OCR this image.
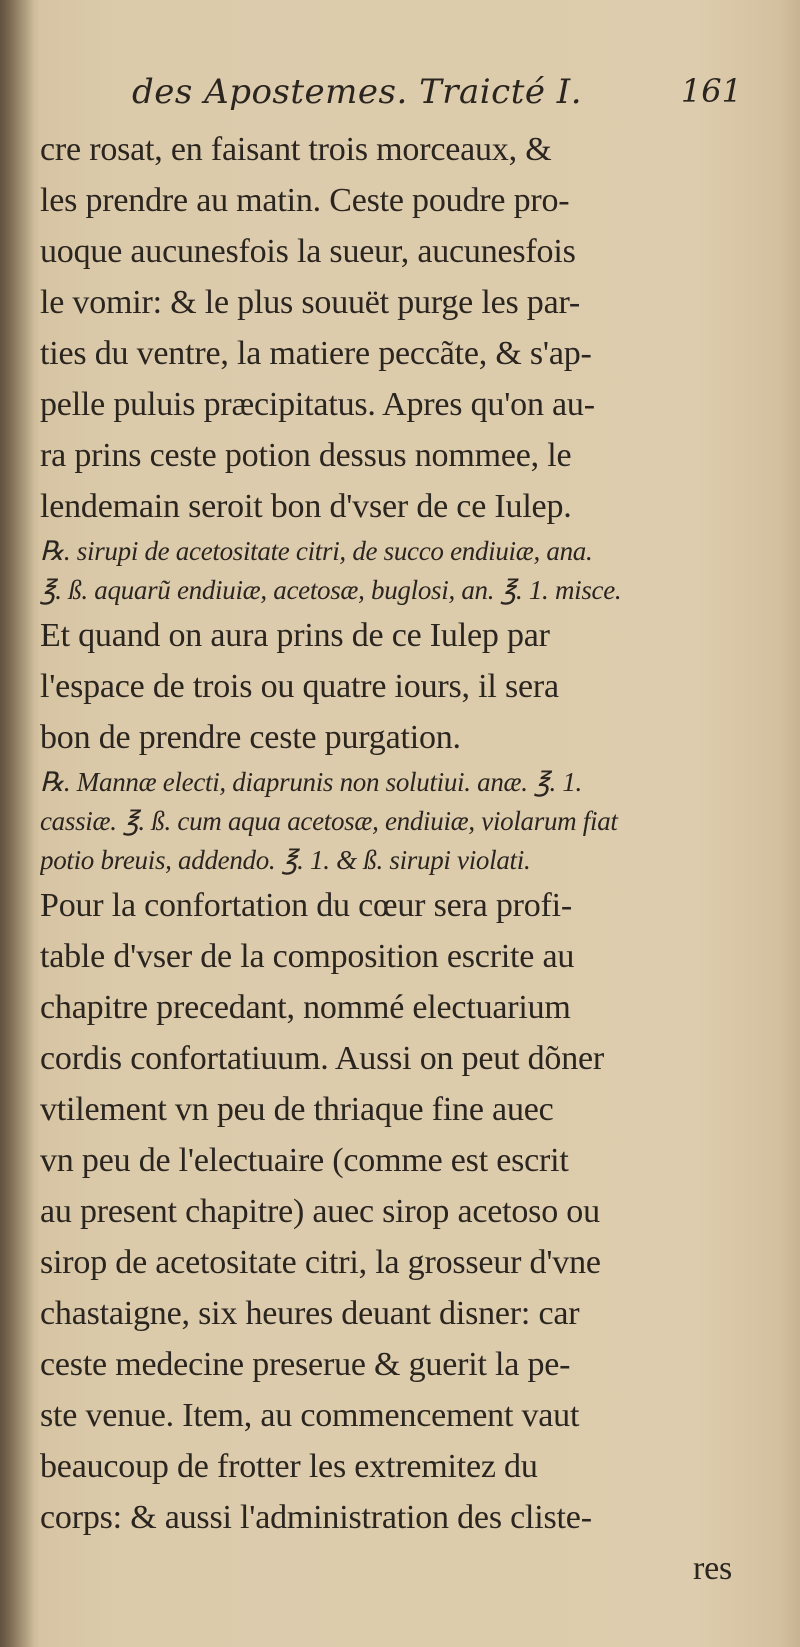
des Apostemes. Traicté I.	161
cre rosat, en faisant trois morceaux, &
les prendre au matin. Ceste poudre pro-
uoque aucunesfois la sueur, aucunesfois
le vomir: & le plus souuët purge les par-
ties du ventre, la matiere peccãte, & s'ap-
pelle puluis præcipitatus. Apres qu'on au-
ra prins ceste potion dessus nommee, le
lendemain seroit bon d'vser de ce Iulep.
℞. sirupi de acetositate citri, de succo endiuiæ, ana.
℥. ß. aquarũ endiuiæ, acetosæ, buglosi, an. ℥. 1. misce.
Et quand on aura prins de ce Iulep par
l'espace de trois ou quatre iours, il sera
bon de prendre ceste purgation.
℞. Mannæ electi, diaprunis non solutiui. anæ. ℥. 1.
cassiæ. ℥. ß. cum aqua acetosæ, endiuiæ, violarum fiat
potio breuis, addendo. ℥. 1. & ß. sirupi violati.
Pour la confortation du cœur sera profi-
table d'vser de la composition escrite au
chapitre precedant, nommé electuarium
cordis confortatiuum. Aussi on peut dõner
vtilement vn peu de thriaque fine auec
vn peu de l'electuaire (comme est escrit
au present chapitre) auec sirop acetoso ou
sirop de acetositate citri, la grosseur d'vne
chastaigne, six heures deuant disner: car
ceste medecine preserue & guerit la pe-
ste venue. Item, au commencement vaut
beaucoup de frotter les extremitez du
corps: & aussi l'administration des cliste-
res
